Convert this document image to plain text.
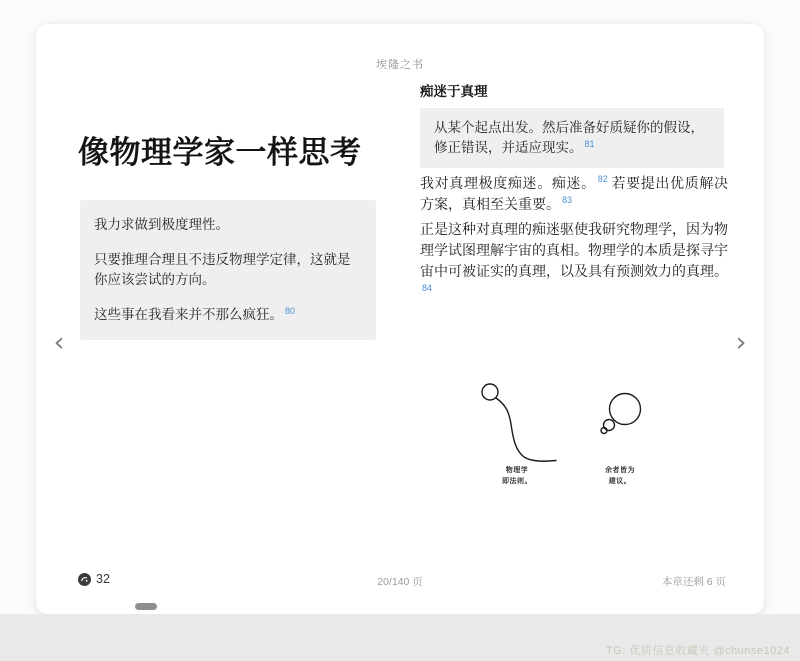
埃隆之书
‹	›
像物理学家一样思考

我力求做到极度理性。

只要推理合理且不违反物理学定律，这就是你应该尝试的方向。

这些事在我看来并不那么疯狂。 $^{80}$

痴迷于真理

从某个起点出发。然后准备好质疑你的假设，修正错误，并适应现实。 $^{81}$

我对真理极度痴迷。痴迷。 $^{82}$ 若要提出优质解决方案，真相至关重要。 $^{83}$

正是这种对真理的痴迷驱使我研究物理学，因为物理学试图理解宇宙的真相。物理学的本质是探寻宇宙中可被证实的真理，以及具有预测效力的真理。$^{84}$

物理学
即法则。
余者皆为
建议。
32	20/140 页	本章还剩 6 页
TG: 优质信息收藏夹 @chunse1024
